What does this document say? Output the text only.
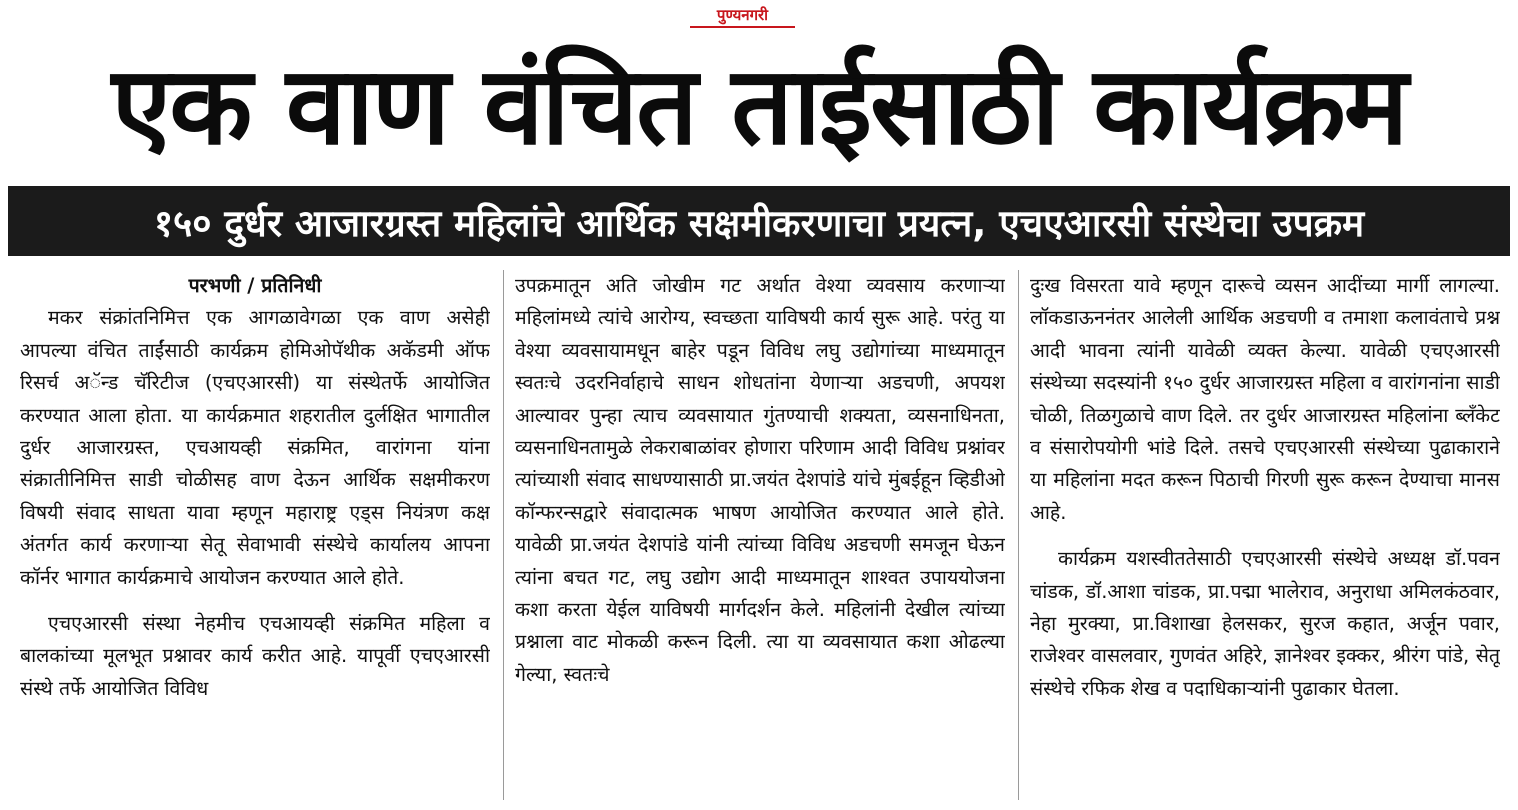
पुण्यनगरी
एक वाण वंचित ताईसाठी कार्यक्रम
१५० दुर्धर आजारग्रस्त महिलांचे आर्थिक सक्षमीकरणाचा प्रयत्न, एचएआरसी संस्थेचा उपक्रम
परभणी / प्रतिनिधी

मकर संक्रांतनिमित्त एक आगळावेगळा एक वाण असेही आपल्या वंचित ताईंसाठी कार्यक्रम होमिओपॅथीक अकॅडमी ऑफ रिसर्च अॅन्ड चॅरिटीज (एचएआरसी) या संस्थेतर्फे आयोजित करण्यात आला होता. या कार्यक्रमात शहरातील दुर्लक्षित भागातील दुर्धर आजारग्रस्त, एचआयव्ही संक्रमित, वारांगना यांना संक्रातीनिमित्त साडी चोळीसह वाण देऊन आर्थिक सक्षमीकरण विषयी संवाद साधता यावा म्हणून महाराष्ट्र एड्स नियंत्रण कक्ष अंतर्गत कार्य करणाऱ्या सेतू सेवाभावी संस्थेचे कार्यालय आपना कॉर्नर भागात कार्यक्रमाचे आयोजन करण्यात आले होते.

एचएआरसी संस्था नेहमीच एचआयव्ही संक्रमित महिला व बालकांच्या मूलभूत प्रश्नावर कार्य करीत आहे. यापूर्वी एचएआरसी संस्थे तर्फे आयोजित विविध

उपक्रमातून अति जोखीम गट अर्थात वेश्या व्यवसाय करणाऱ्या महिलांमध्ये त्यांचे आरोग्य, स्वच्छता याविषयी कार्य सुरू आहे. परंतु या वेश्या व्यवसायामधून बाहेर पडून विविध लघु उद्योगांच्या माध्यमातून स्वतःचे उदरनिर्वाहाचे साधन शोधतांना येणाऱ्या अडचणी, अपयश आल्यावर पुन्हा त्याच व्यवसायात गुंतण्याची शक्यता, व्यसनाधिनता, व्यसनाधिनतामुळे लेकराबाळांवर होणारा परिणाम आदी विविध प्रश्नांवर त्यांच्याशी संवाद साधण्यासाठी प्रा.जयंत देशपांडे यांचे मुंबईहून व्हिडीओ कॉन्फरन्सद्वारे संवादात्मक भाषण आयोजित करण्यात आले होते. यावेळी प्रा.जयंत देशपांडे यांनी त्यांच्या विविध अडचणी समजून घेऊन त्यांना बचत गट, लघु उद्योग आदी माध्यमातून शाश्वत उपाययोजना कशा करता येईल याविषयी मार्गदर्शन केले. महिलांनी देखील त्यांच्या प्रश्नाला वाट मोकळी करून दिली. त्या या व्यवसायात कशा ओढल्या गेल्या, स्वतःचे

दुःख विसरता यावे म्हणून दारूचे व्यसन आदींच्या मार्गी लागल्या. लॉकडाऊननंतर आलेली आर्थिक अडचणी व तमाशा कलावंताचे प्रश्न आदी भावना त्यांनी यावेळी व्यक्त केल्या. यावेळी एचएआरसी संस्थेच्या सदस्यांनी १५० दुर्धर आजारग्रस्त महिला व वारांगनांना साडी चोळी, तिळगुळाचे वाण दिले. तर दुर्धर आजारग्रस्त महिलांना ब्लँकेट व संसारोपयोगी भांडे दिले. तसचे एचएआरसी संस्थेच्या पुढाकाराने या महिलांना मदत करून पिठाची गिरणी सुरू करून देण्याचा मानस आहे.

कार्यक्रम यशस्वीततेसाठी एचएआरसी संस्थेचे अध्यक्ष डॉ.पवन चांडक, डॉ.आशा चांडक, प्रा.पद्मा भालेराव, अनुराधा अमिलकंठवार, नेहा मुरक्या, प्रा.विशाखा हेलसकर, सुरज कहात, अर्जून पवार, राजेश्वर वासलवार, गुणवंत अहिरे, ज्ञानेश्वर इक्कर, श्रीरंग पांडे, सेतू संस्थेचे रफिक शेख व पदाधिकाऱ्यांनी पुढाकार घेतला.
